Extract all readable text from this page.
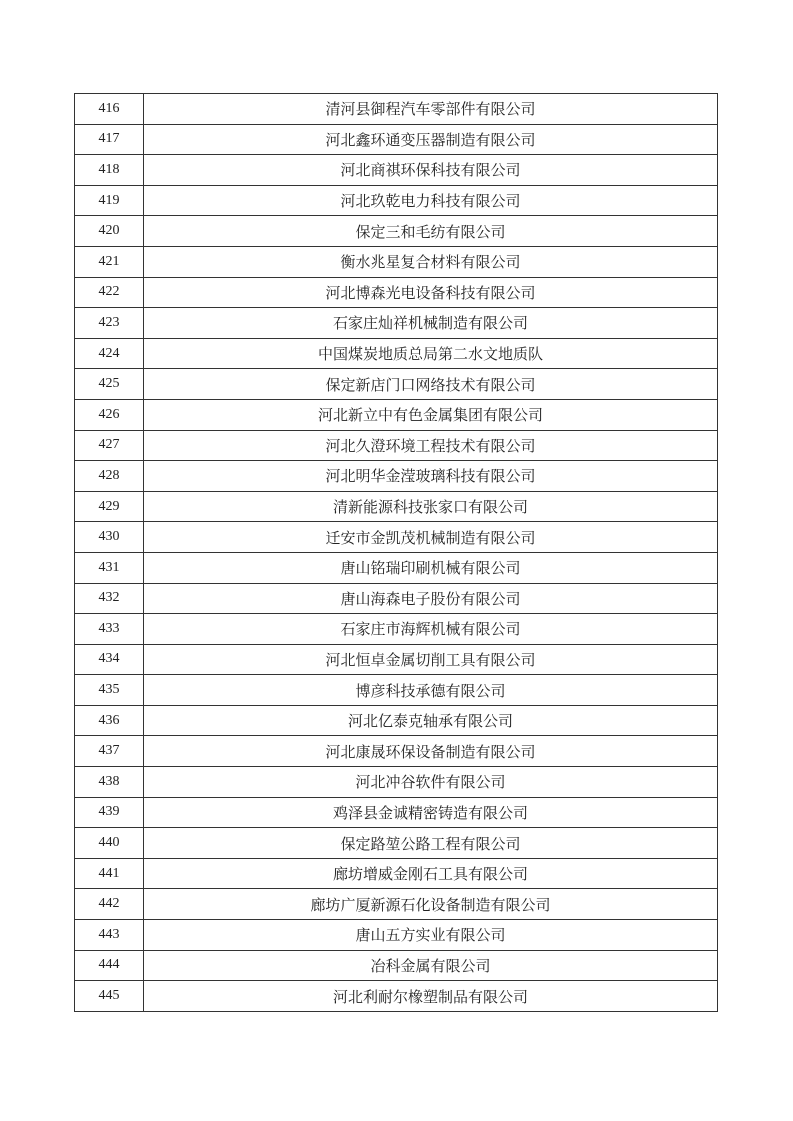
416	清河县御程汽车零部件有限公司
417	河北鑫环通变压器制造有限公司
418	河北商祺环保科技有限公司
419	河北玖乾电力科技有限公司
420	保定三和毛纺有限公司
421	衡水兆星复合材料有限公司
422	河北博森光电设备科技有限公司
423	石家庄灿祥机械制造有限公司
424	中国煤炭地质总局第二水文地质队
425	保定新店门口网络技术有限公司
426	河北新立中有色金属集团有限公司
427	河北久澄环境工程技术有限公司
428	河北明华金滢玻璃科技有限公司
429	清新能源科技张家口有限公司
430	迁安市金凯茂机械制造有限公司
431	唐山铭瑞印刷机械有限公司
432	唐山海森电子股份有限公司
433	石家庄市海辉机械有限公司
434	河北恒卓金属切削工具有限公司
435	博彦科技承德有限公司
436	河北亿泰克轴承有限公司
437	河北康晟环保设备制造有限公司
438	河北冲谷软件有限公司
439	鸡泽县金诚精密铸造有限公司
440	保定路堃公路工程有限公司
441	廊坊增威金刚石工具有限公司
442	廊坊广厦新源石化设备制造有限公司
443	唐山五方实业有限公司
444	冶科金属有限公司
445	河北利耐尔橡塑制品有限公司
